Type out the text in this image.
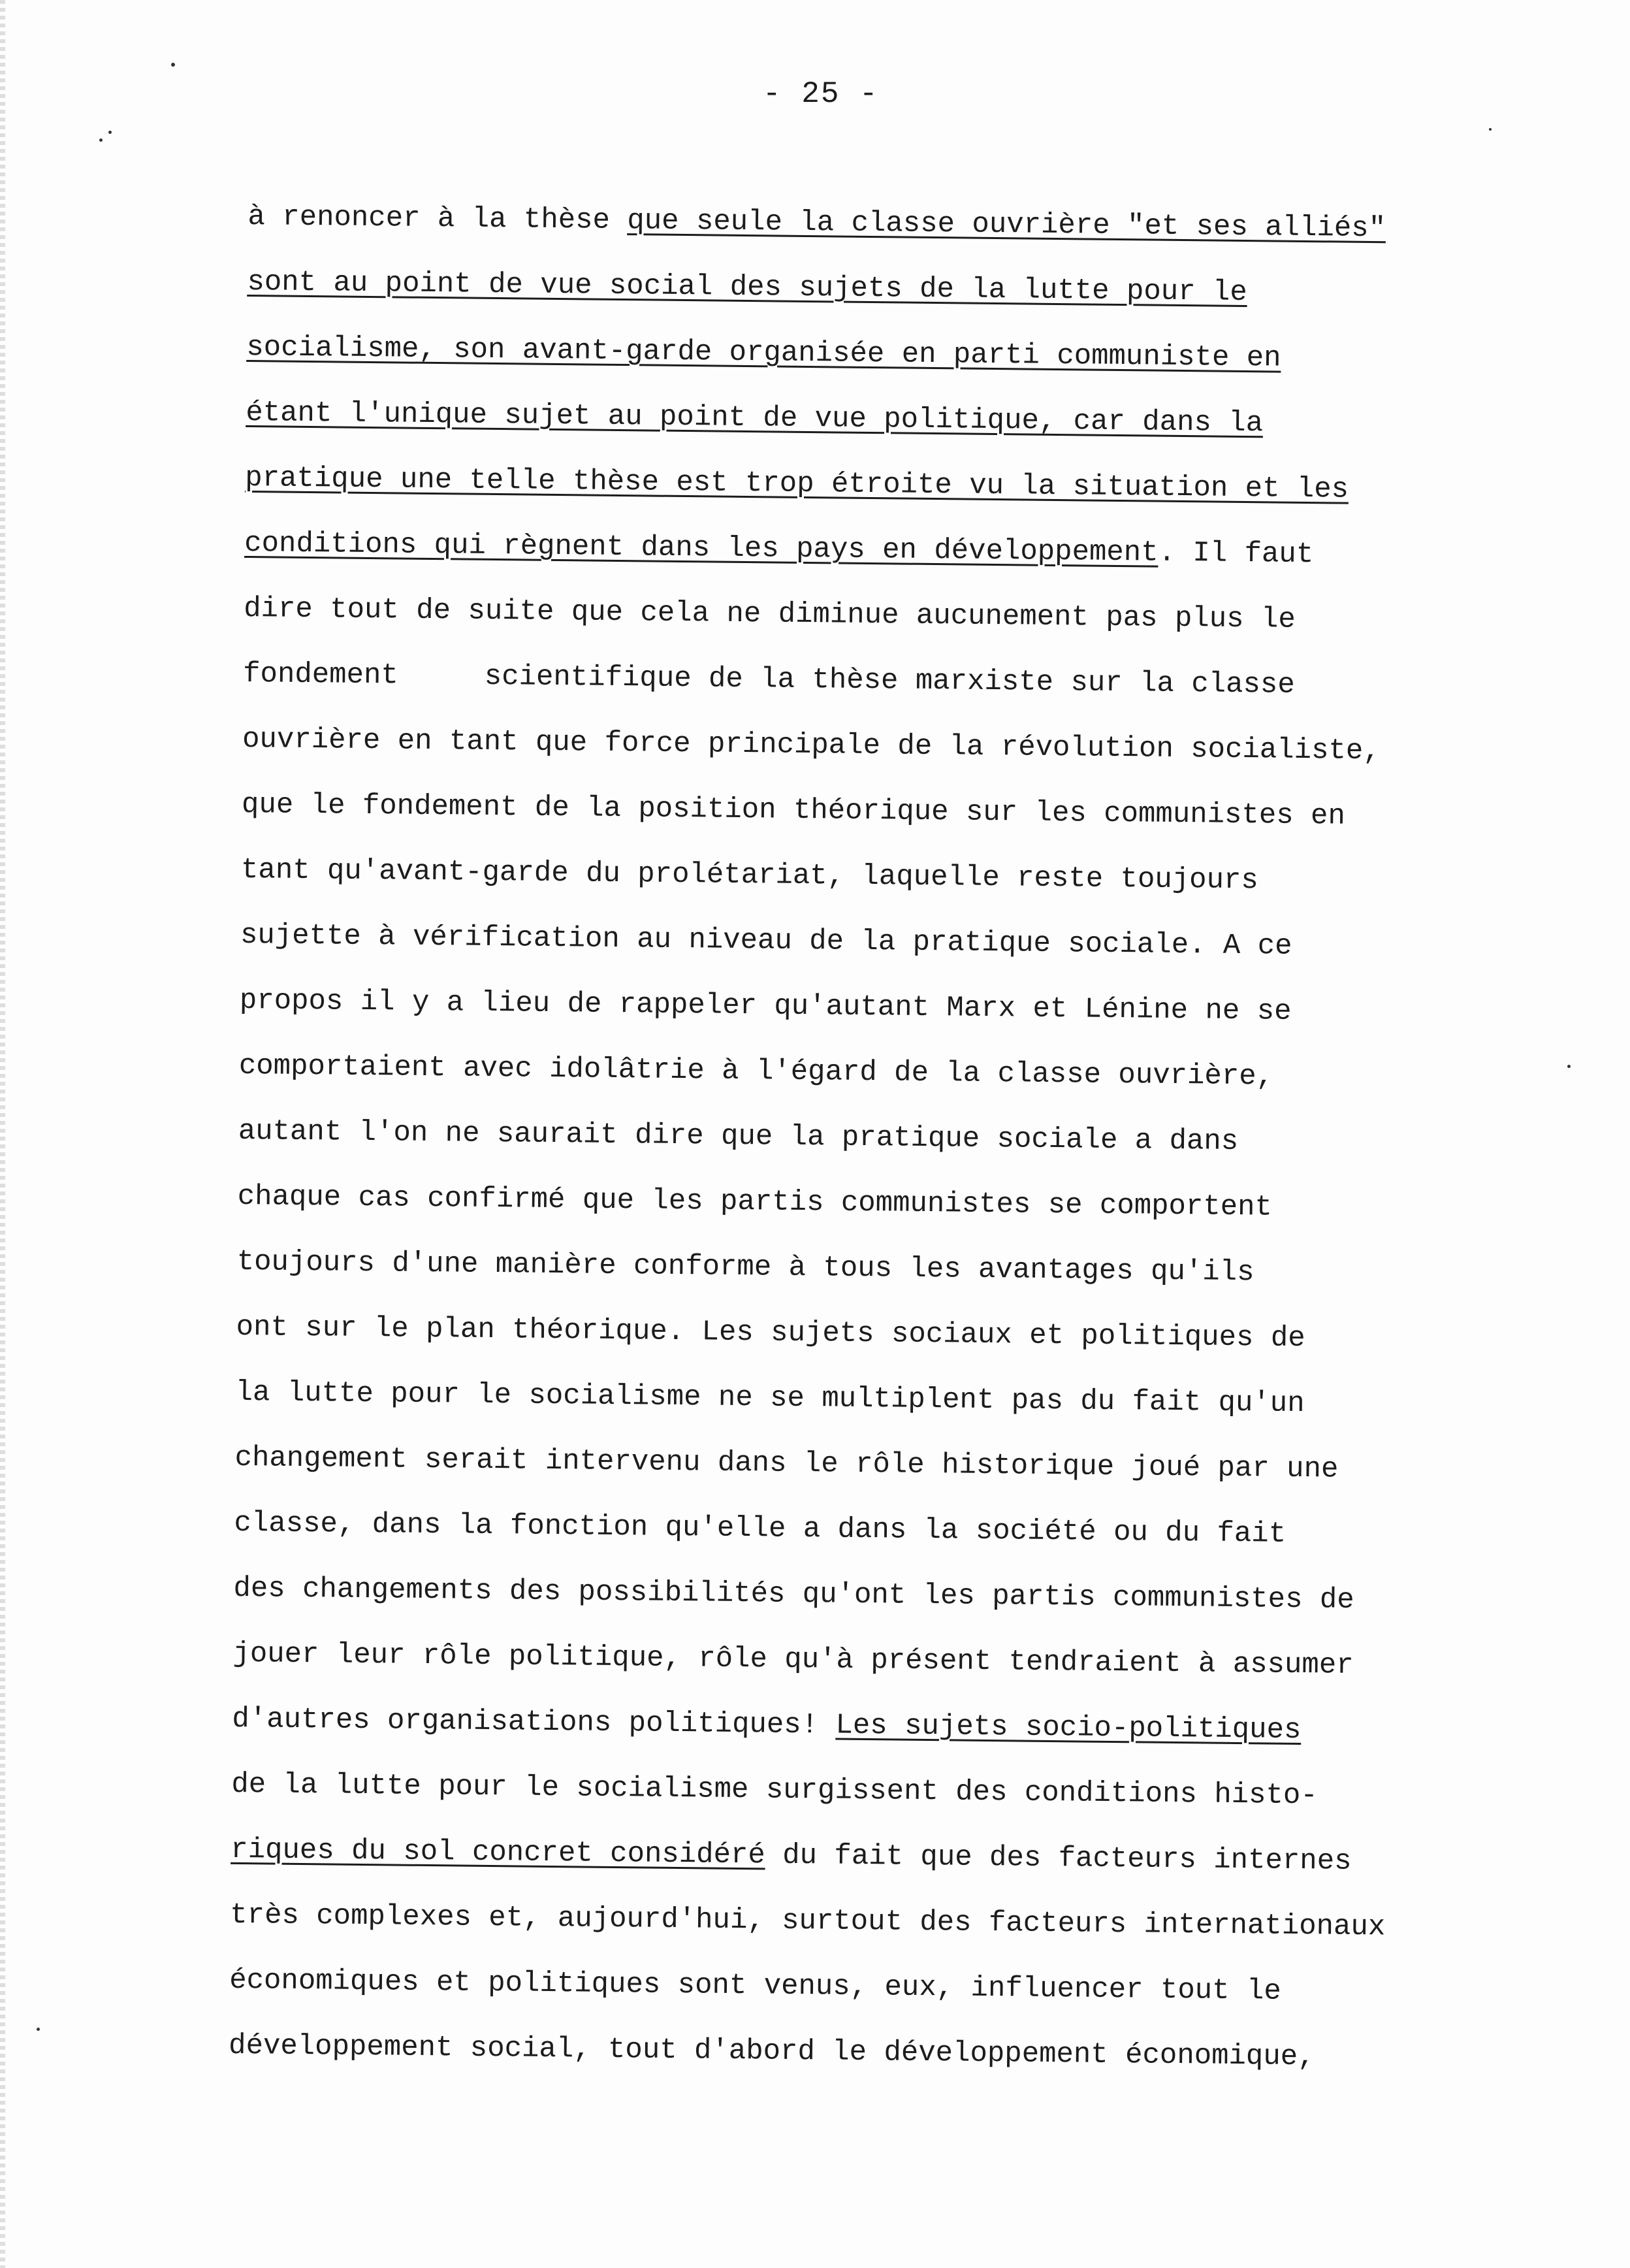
- 25 -
à renoncer à la thèse que seule la classe ouvrière "et ses alliés"
sont au point de vue social des sujets de la lutte pour le
socialisme, son avant-garde organisée en parti communiste en
étant l'unique sujet au point de vue politique, car dans la
pratique une telle thèse est trop étroite vu la situation et les
conditions qui règnent dans les pays en développement. Il faut
dire tout de suite que cela ne diminue aucunement pas plus le
fondement     scientifique de la thèse marxiste sur la classe
ouvrière en tant que force principale de la révolution socialiste,
que le fondement de la position théorique sur les communistes en
tant qu'avant-garde du prolétariat, laquelle reste toujours
sujette à vérification au niveau de la pratique sociale. A ce
propos il y a lieu de rappeler qu'autant Marx et Lénine ne se
comportaient avec idolâtrie à l'égard de la classe ouvrière,
autant l'on ne saurait dire que la pratique sociale a dans
chaque cas confirmé que les partis communistes se comportent
toujours d'une manière conforme à tous les avantages qu'ils
ont sur le plan théorique. Les sujets sociaux et politiques de
la lutte pour le socialisme ne se multiplent pas du fait qu'un
changement serait intervenu dans le rôle historique joué par une
classe, dans la fonction qu'elle a dans la société ou du fait
des changements des possibilités qu'ont les partis communistes de
jouer leur rôle politique, rôle qu'à présent tendraient à assumer
d'autres organisations politiques! Les sujets socio-politiques
de la lutte pour le socialisme surgissent des conditions histo-
riques du sol concret considéré du fait que des facteurs internes
très complexes et, aujourd'hui, surtout des facteurs internationaux
économiques et politiques sont venus, eux, influencer tout le
développement social, tout d'abord le développement économique,
